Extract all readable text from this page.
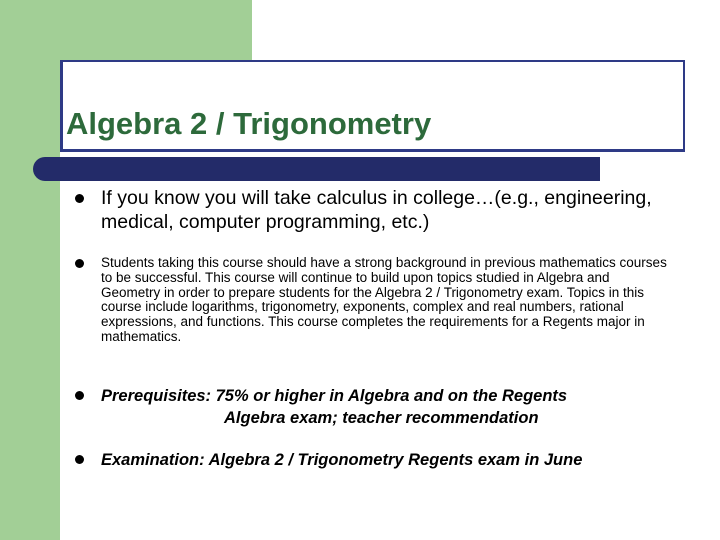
Algebra 2 / Trigonometry
If you know you will take calculus in college…(e.g., engineering, medical, computer programming, etc.)
Students taking this course should have a strong background in previous mathematics courses to be successful. This course will continue to build upon topics studied in Algebra and Geometry in order to prepare students for the Algebra 2 / Trigonometry exam. Topics in this course include logarithms, trigonometry, exponents, complex and real numbers, rational expressions, and functions. This course completes the requirements for a Regents major in mathematics.
Prerequisites: 75% or higher in Algebra and on the Regents
Algebra exam; teacher recommendation
Examination: Algebra 2 / Trigonometry Regents exam in June
